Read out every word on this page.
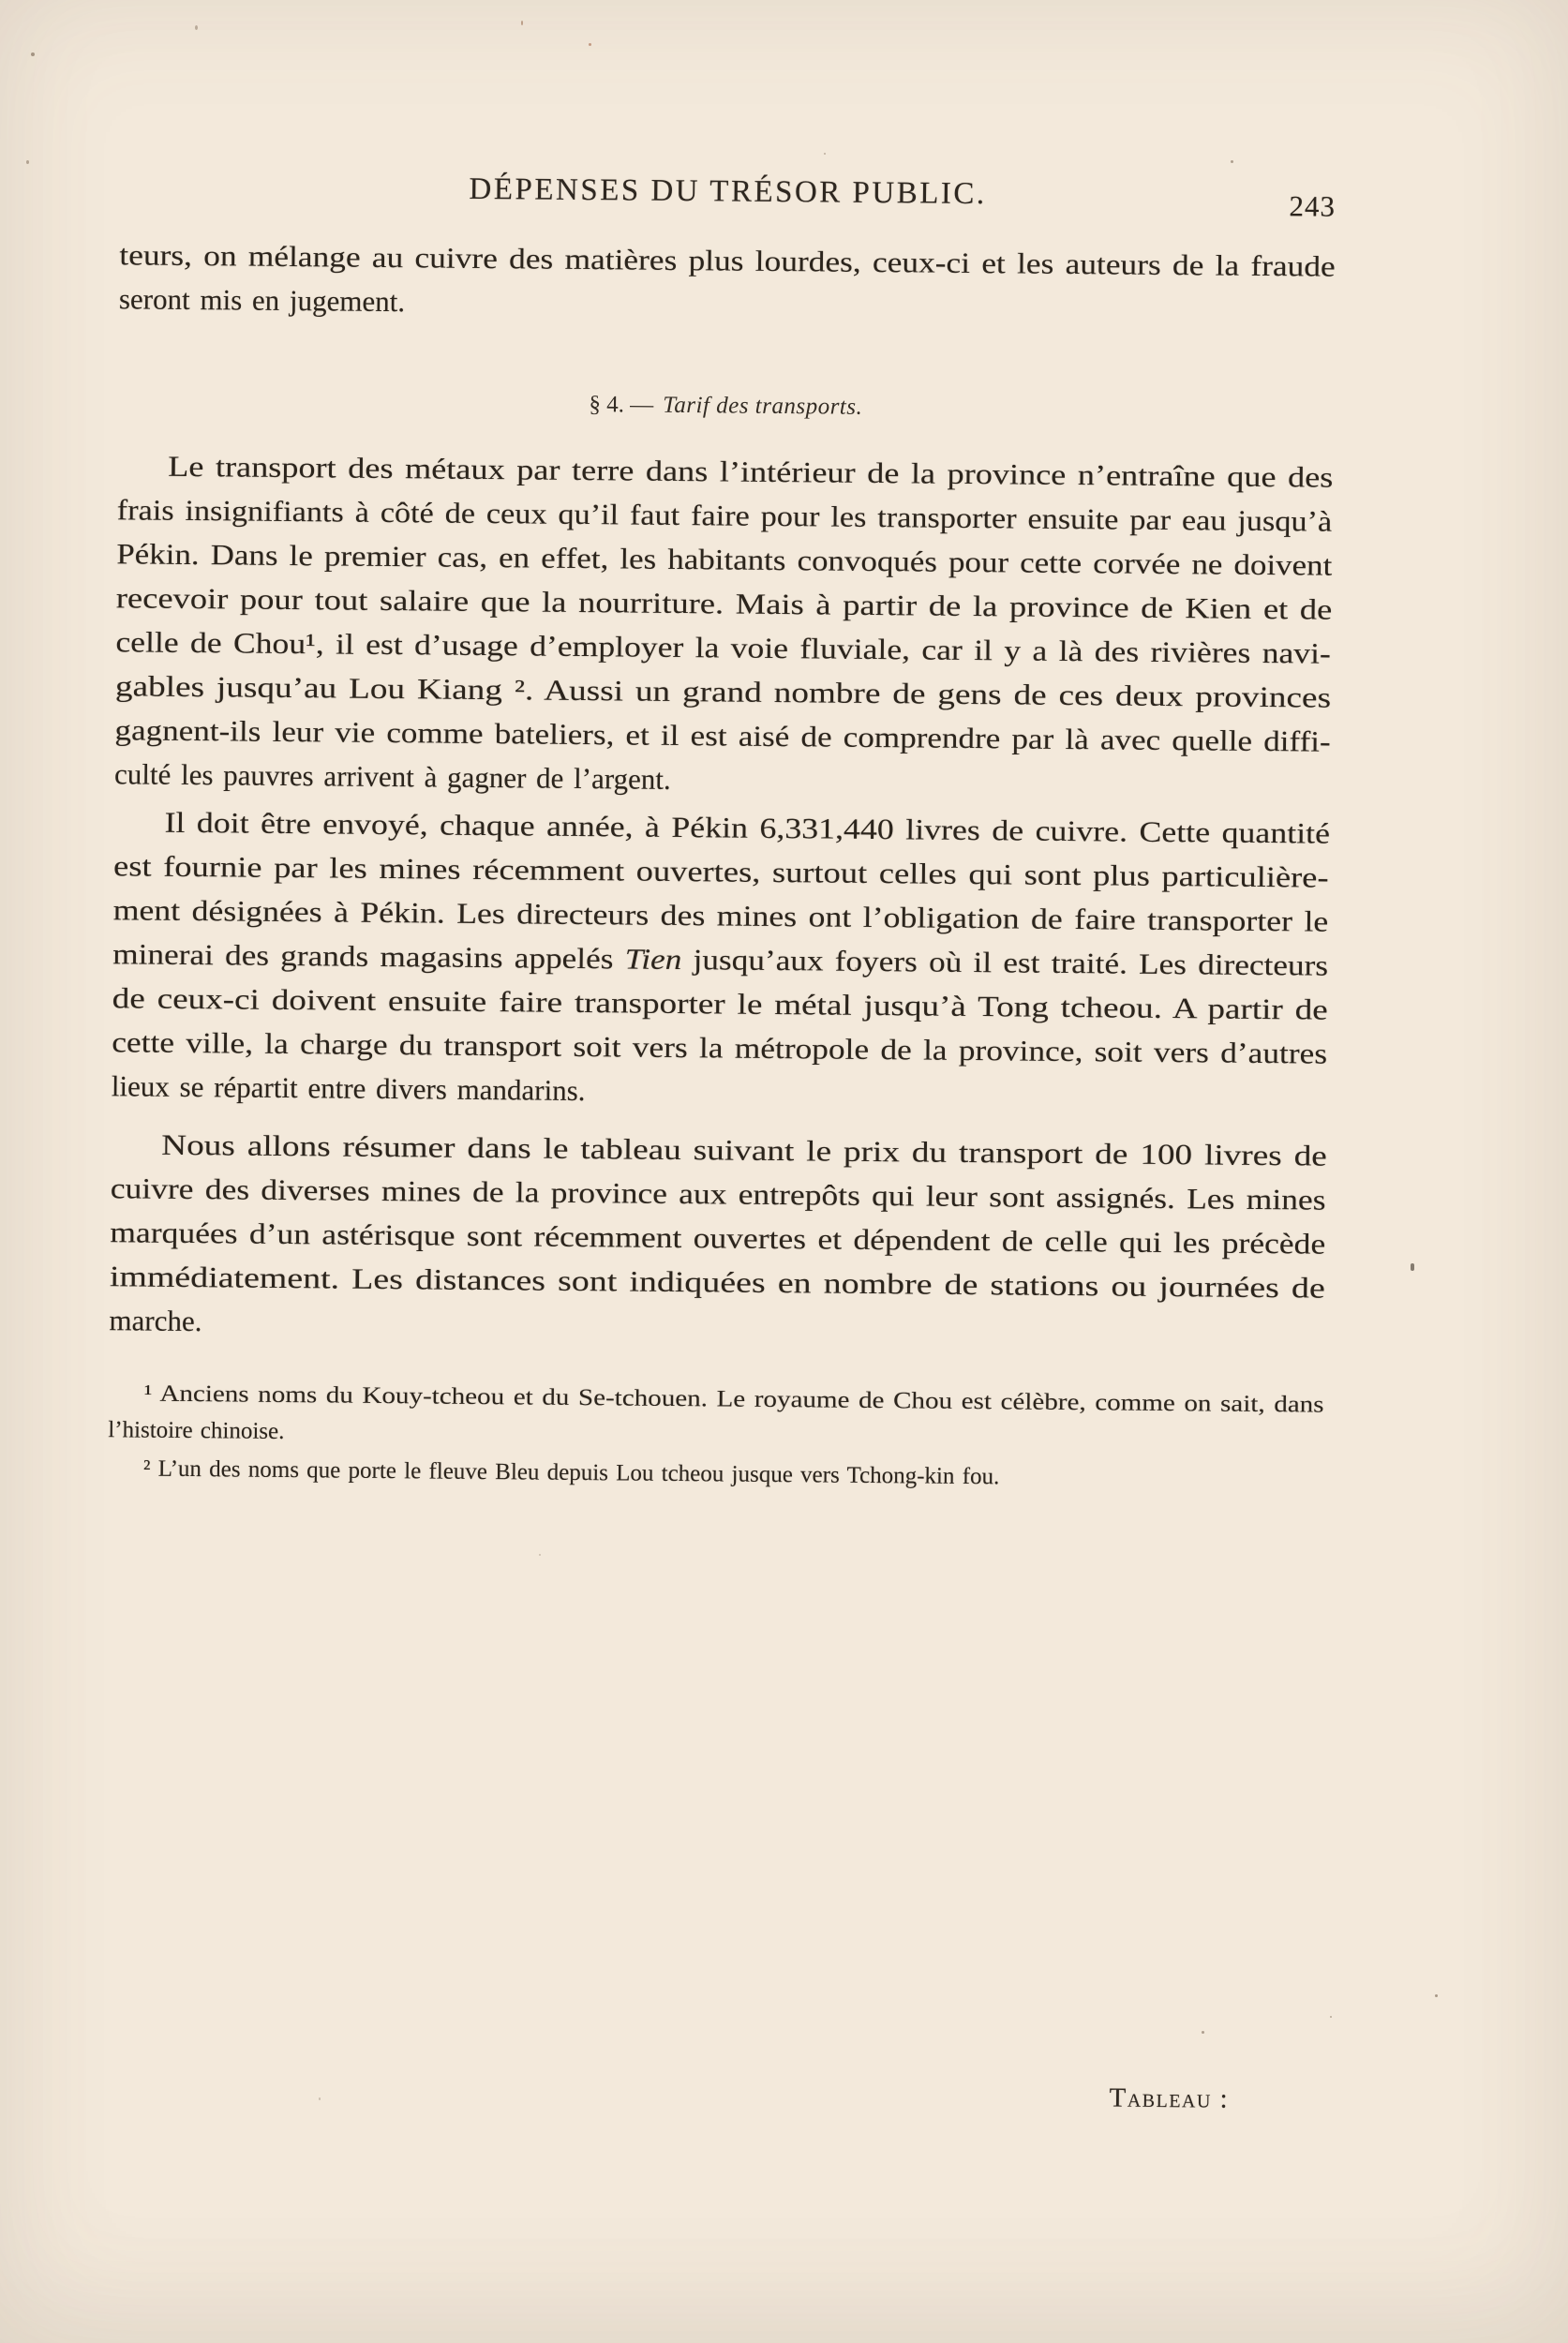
DÉPENSES DU TRÉSOR PUBLIC.	243
teurs, on mélange au cuivre des matières plus lourdes, ceux-ci et les auteurs de la fraude
seront mis en jugement.
§ 4. — Tarif des transports.
Le transport des métaux par terre dans l’intérieur de la province n’entraîne que des
frais insignifiants à côté de ceux qu’il faut faire pour les transporter ensuite par eau jusqu’à
Pékin. Dans le premier cas, en effet, les habitants convoqués pour cette corvée ne doivent
recevoir pour tout salaire que la nourriture. Mais à partir de la province de Kien et de
celle de Chou¹, il est d’usage d’employer la voie fluviale, car il y a là des rivières navi-
gables jusqu’au Lou Kiang ². Aussi un grand nombre de gens de ces deux provinces
gagnent-ils leur vie comme bateliers, et il est aisé de comprendre par là avec quelle diffi-
culté les pauvres arrivent à gagner de l’argent.
Il doit être envoyé, chaque année, à Pékin 6,331,440 livres de cuivre. Cette quantité
est fournie par les mines récemment ouvertes, surtout celles qui sont plus particulière-
ment désignées à Pékin. Les directeurs des mines ont l’obligation de faire transporter le
minerai des grands magasins appelés Tien jusqu’aux foyers où il est traité. Les directeurs
de ceux-ci doivent ensuite faire transporter le métal jusqu’à Tong tcheou. A partir de
cette ville, la charge du transport soit vers la métropole de la province, soit vers d’autres
lieux se répartit entre divers mandarins.
Nous allons résumer dans le tableau suivant le prix du transport de 100 livres de
cuivre des diverses mines de la province aux entrepôts qui leur sont assignés. Les mines
marquées d’un astérisque sont récemment ouvertes et dépendent de celle qui les précède
immédiatement. Les distances sont indiquées en nombre de stations ou journées de
marche.
¹ Anciens noms du Kouy-tcheou et du Se-tchouen. Le royaume de Chou est célèbre, comme on sait, dans
l’histoire chinoise.
² L’un des noms que porte le fleuve Bleu depuis Lou tcheou jusque vers Tchong-kin fou.
Tableau :
